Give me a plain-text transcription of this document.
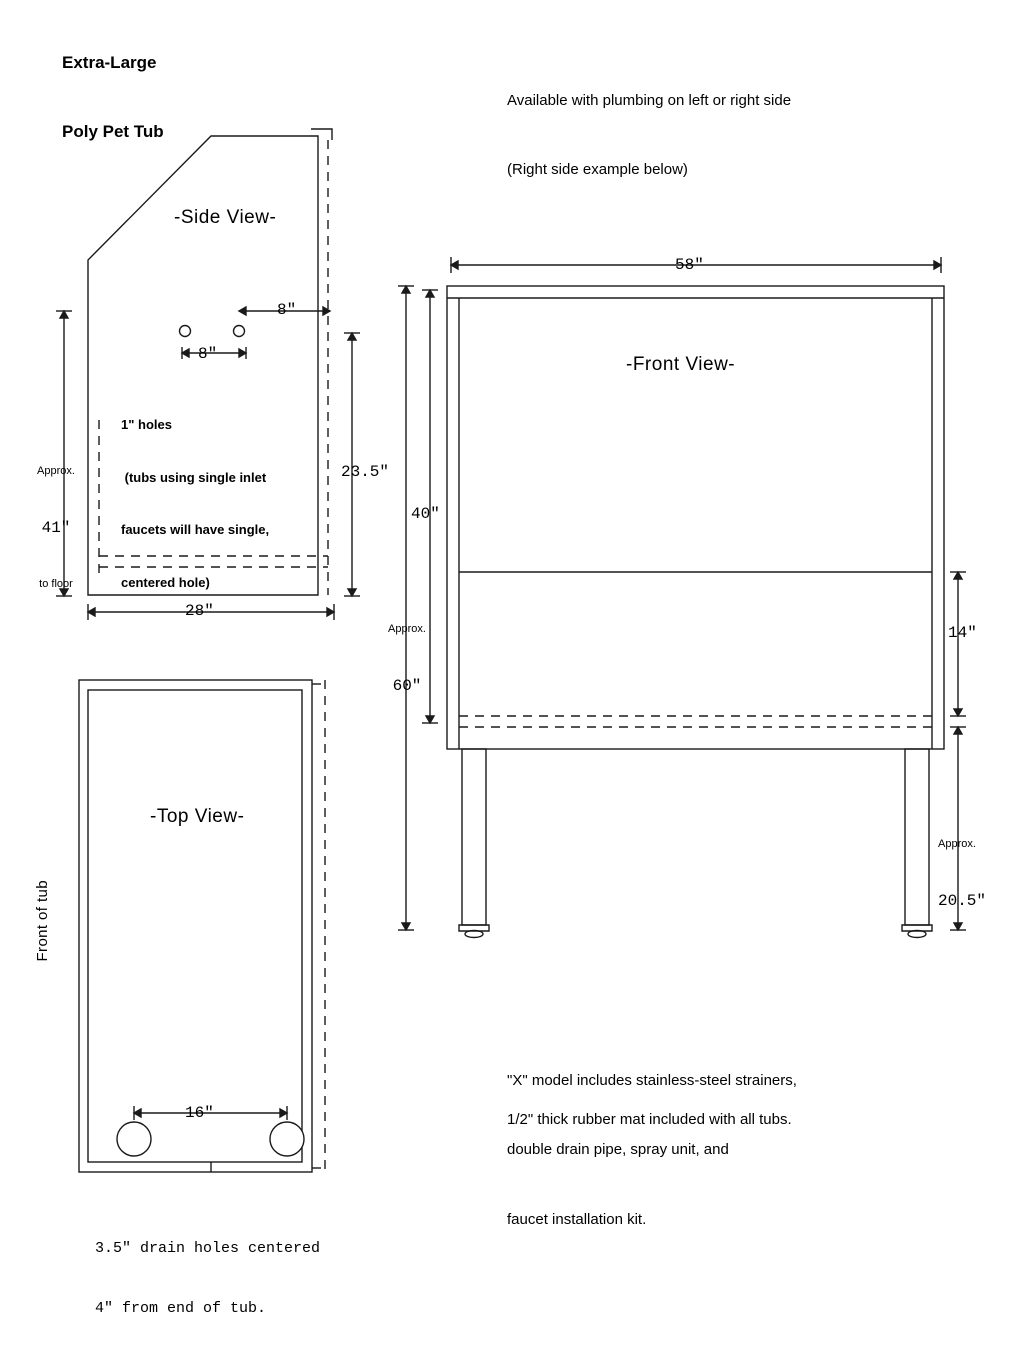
Extra-Large

Poly Pet Tub

Available with plumbing on left or right side

(Right side example below)

-Side View-
8"
8"

1" holes

(tubs using single inlet

faucets will have single,

centered hole)

23.5"
28"

Approx.

41"

to floor

-Front View-
58"
40"

Approx.

60"

14"

Approx.

20.5"

-Top View-
Front of tub
16"

3.5" drain holes centered

4" from end of tub.

"X" model includes stainless-steel strainers,

double drain pipe, spray unit, and

faucet installation kit.

1/2" thick rubber mat included with all tubs.
